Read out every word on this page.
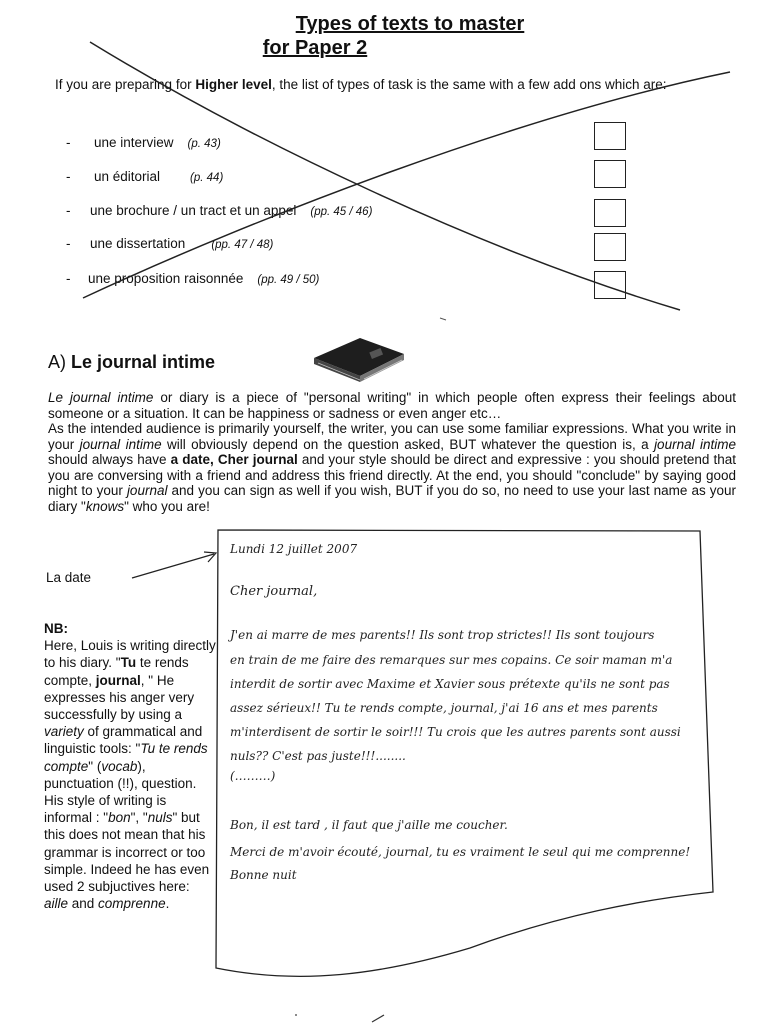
Types of texts to master
for Paper 2
If you are preparing for Higher level, the list of types of task is the same with a few add ons which are:
- une interview (p. 43)
- un éditorial	(p. 44)
- une brochure / un tract et un appel (pp. 45 / 46)
- une dissertation (pp. 47 / 48)
- une proposition raisonnée (pp. 49 / 50)
A) Le journal intime
Le journal intime or diary is a piece of "personal writing" in which people often express their feelings about someone or a situation. It can be happiness or sadness or even anger etc…
As the intended audience is primarily yourself, the writer, you can use some familiar expressions. What you write in your journal intime will obviously depend on the question asked, BUT whatever the question is, a journal intime should always have a date, Cher journal and your style should be direct and expressive : you should pretend that you are conversing with a friend and address this friend directly. At the end, you should "conclude" by saying good night to your journal and you can sign as well if you wish, BUT if you do so, no need to use your last name as your diary "knows" who you are!
La date
NB:
Here, Louis is writing directly to his diary. "Tu te rends compte, journal, " He expresses his anger very successfully by using a variety of grammatical and linguistic tools: "Tu te rends compte" (vocab), punctuation (!!), question. His style of writing is informal : "bon", "nuls" but this does not mean that his grammar is incorrect or too simple. Indeed he has even used 2 subjuctives here: aille and comprenne.
Lundi 12 juillet 2007
Cher journal,
J'en ai marre de mes parents!! Ils sont trop strictes!! Ils sont toujours
en train de me faire des remarques sur mes copains. Ce soir maman m'a
interdit de sortir avec Maxime et Xavier sous prétexte qu'ils ne sont pas
assez sérieux!! Tu te rends compte, journal, j'ai 16 ans et mes parents
m'interdisent de sortir le soir!!! Tu crois que les autres parents sont aussi
nuls?? C'est pas juste!!!........
(………)
Bon, il est tard , il faut que j'aille me coucher.
Merci de m'avoir écouté, journal, tu es vraiment le seul qui me comprenne!
Bonne nuit
